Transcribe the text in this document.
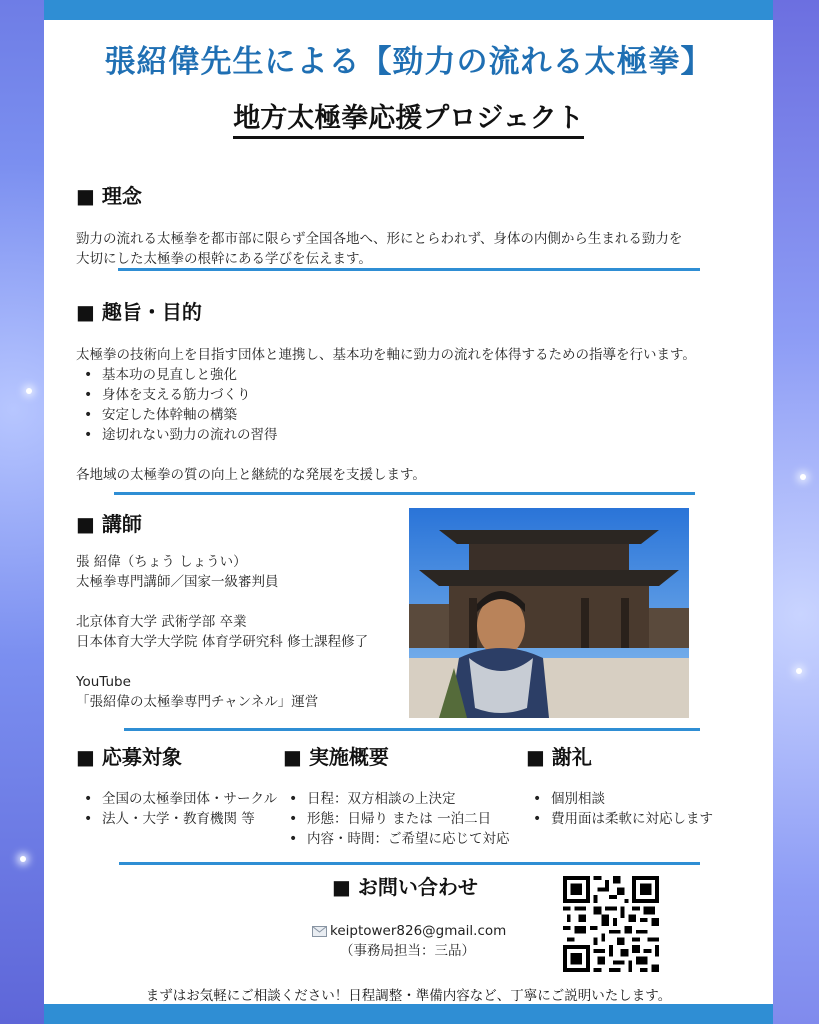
張紹偉先生による【勁力の流れる太極拳】
地方太極拳応援プロジェクト
■ 理念
勁力の流れる太極拳を都市部に限らず全国各地へ、形にとらわれず、身体の内側から生まれる勁力を
大切にした太極拳の根幹にある学びを伝えます。
■ 趣旨・目的
太極拳の技術向上を目指す団体と連携し、基本功を軸に勁力の流れを体得するための指導を行います。
• 基本功の見直しと強化
• 身体を支える筋力づくり
• 安定した体幹軸の構築
• 途切れない勁力の流れの習得
各地域の太極拳の質の向上と継続的な発展を支援します。
■ 講師
張 紹偉（ちょう しょうい）
太極拳専門講師／国家一級審判員
北京体育大学 武術学部 卒業
日本体育大学大学院 体育学研究科 修士課程修了
YouTube
「張紹偉の太極拳専門チャンネル」運営
■ 応募対象
• 全国の太極拳団体・サークル
• 法人・大学・教育機関 等
■ 実施概要
• 日程：双方相談の上決定
• 形態：日帰り または 一泊二日
• 内容・時間：ご希望に応じて対応
■ 謝礼
• 個別相談
• 費用面は柔軟に対応します
■ お問い合わせ
keiptower826@gmail.com
（事務局担当：三品）
まずはお気軽にご相談ください！日程調整・準備内容など、丁寧にご説明いたします。
